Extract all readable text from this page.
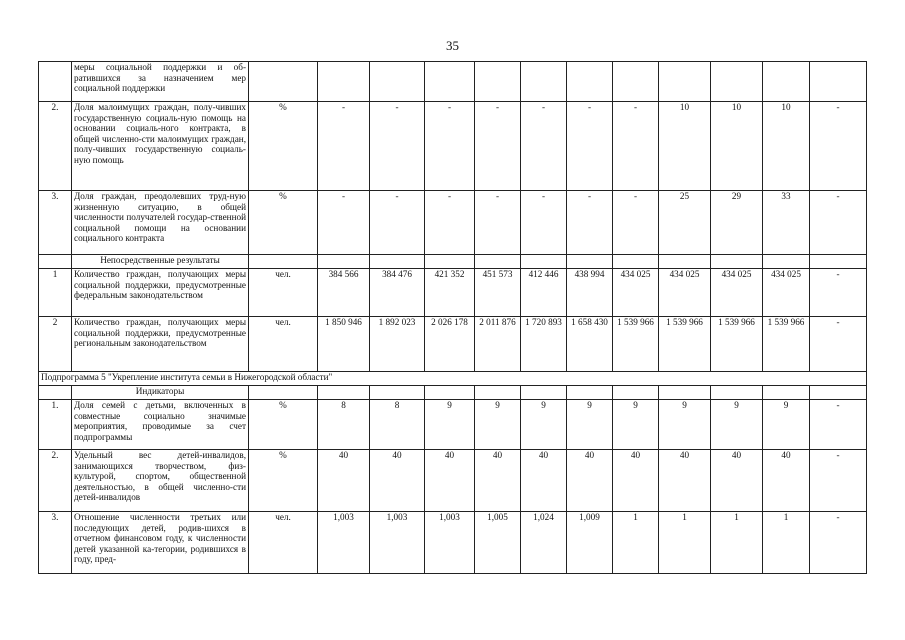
35
	меры социальной поддержки и об-ратившихся за назначением мер социальной поддержки												
2.	Доля малоимущих граждан, полу-чивших государственную социаль-ную помощь на основании социаль-ного контракта, в общей численно-сти малоимущих граждан, полу-чивших государственную социаль-ную помощь	%	-	-	-	-	-	-	-	10	10	10	-
3.	Доля граждан, преодолевших труд-ную жизненную ситуацию, в общей численности получателей государ-ственной социальной помощи на основании социального контракта	%	-	-	-	-	-	-	-	25	29	33	-
	Непосредственные результаты												
1	Количество граждан, получающих меры социальной поддержки, предусмотренные федеральным законодательством	чел.	384 566	384 476	421 352	451 573	412 446	438 994	434 025	434 025	434 025	434 025	-
2	Количество граждан, получающих меры социальной поддержки, предусмотренные региональным законодательством	чел.	1 850 946	1 892 023	2 026 178	2 011 876	1 720 893	1 658 430	1 539 966	1 539 966	1 539 966	1 539 966	-
Подпрограмма 5 "Укрепление института семьи в Нижегородской области"													
	Индикаторы												
1.	Доля семей с детьми, включенных в совместные социально значимые мероприятия, проводимые за счет подпрограммы	%	8	8	9	9	9	9	9	9	9	9	-
2.	Удельный вес детей-инвалидов, занимающихся творчеством, физ-культурой, спортом, общественной деятельностью, в общей численно-сти детей-инвалидов	%	40	40	40	40	40	40	40	40	40	40	-
3.	Отношение численности третьих или последующих детей, родив-шихся в отчетном финансовом году, к численности детей указанной ка-тегории, родившихся в году, пред-	чел.	1,003	1,003	1,003	1,005	1,024	1,009	1	1	1	1	-
